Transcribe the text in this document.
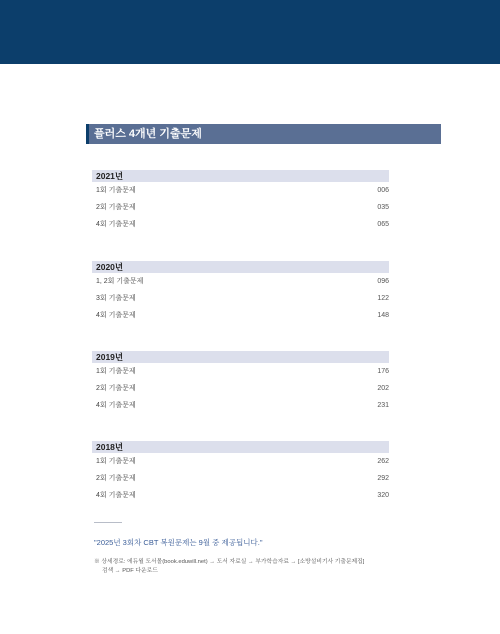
플러스 4개년 기출문제
2021년
1회 기출문제	006
2회 기출문제	035
4회 기출문제	065
2020년
1, 2회 기출문제	096
3회 기출문제	122
4회 기출문제	148
2019년
1회 기출문제	176
2회 기출문제	202
4회 기출문제	231
2018년
1회 기출문제	262
2회 기출문제	292
4회 기출문제	320
"2025년 3회차 CBT 복원문제는 9월 중 제공됩니다."
※ 상세경로: 에듀윌 도서몰(book.eduwill.net) → 도서 자료실 → 부가학습자료 → [소방설비기사 기출문제집]
검색 → PDF 다운로드
